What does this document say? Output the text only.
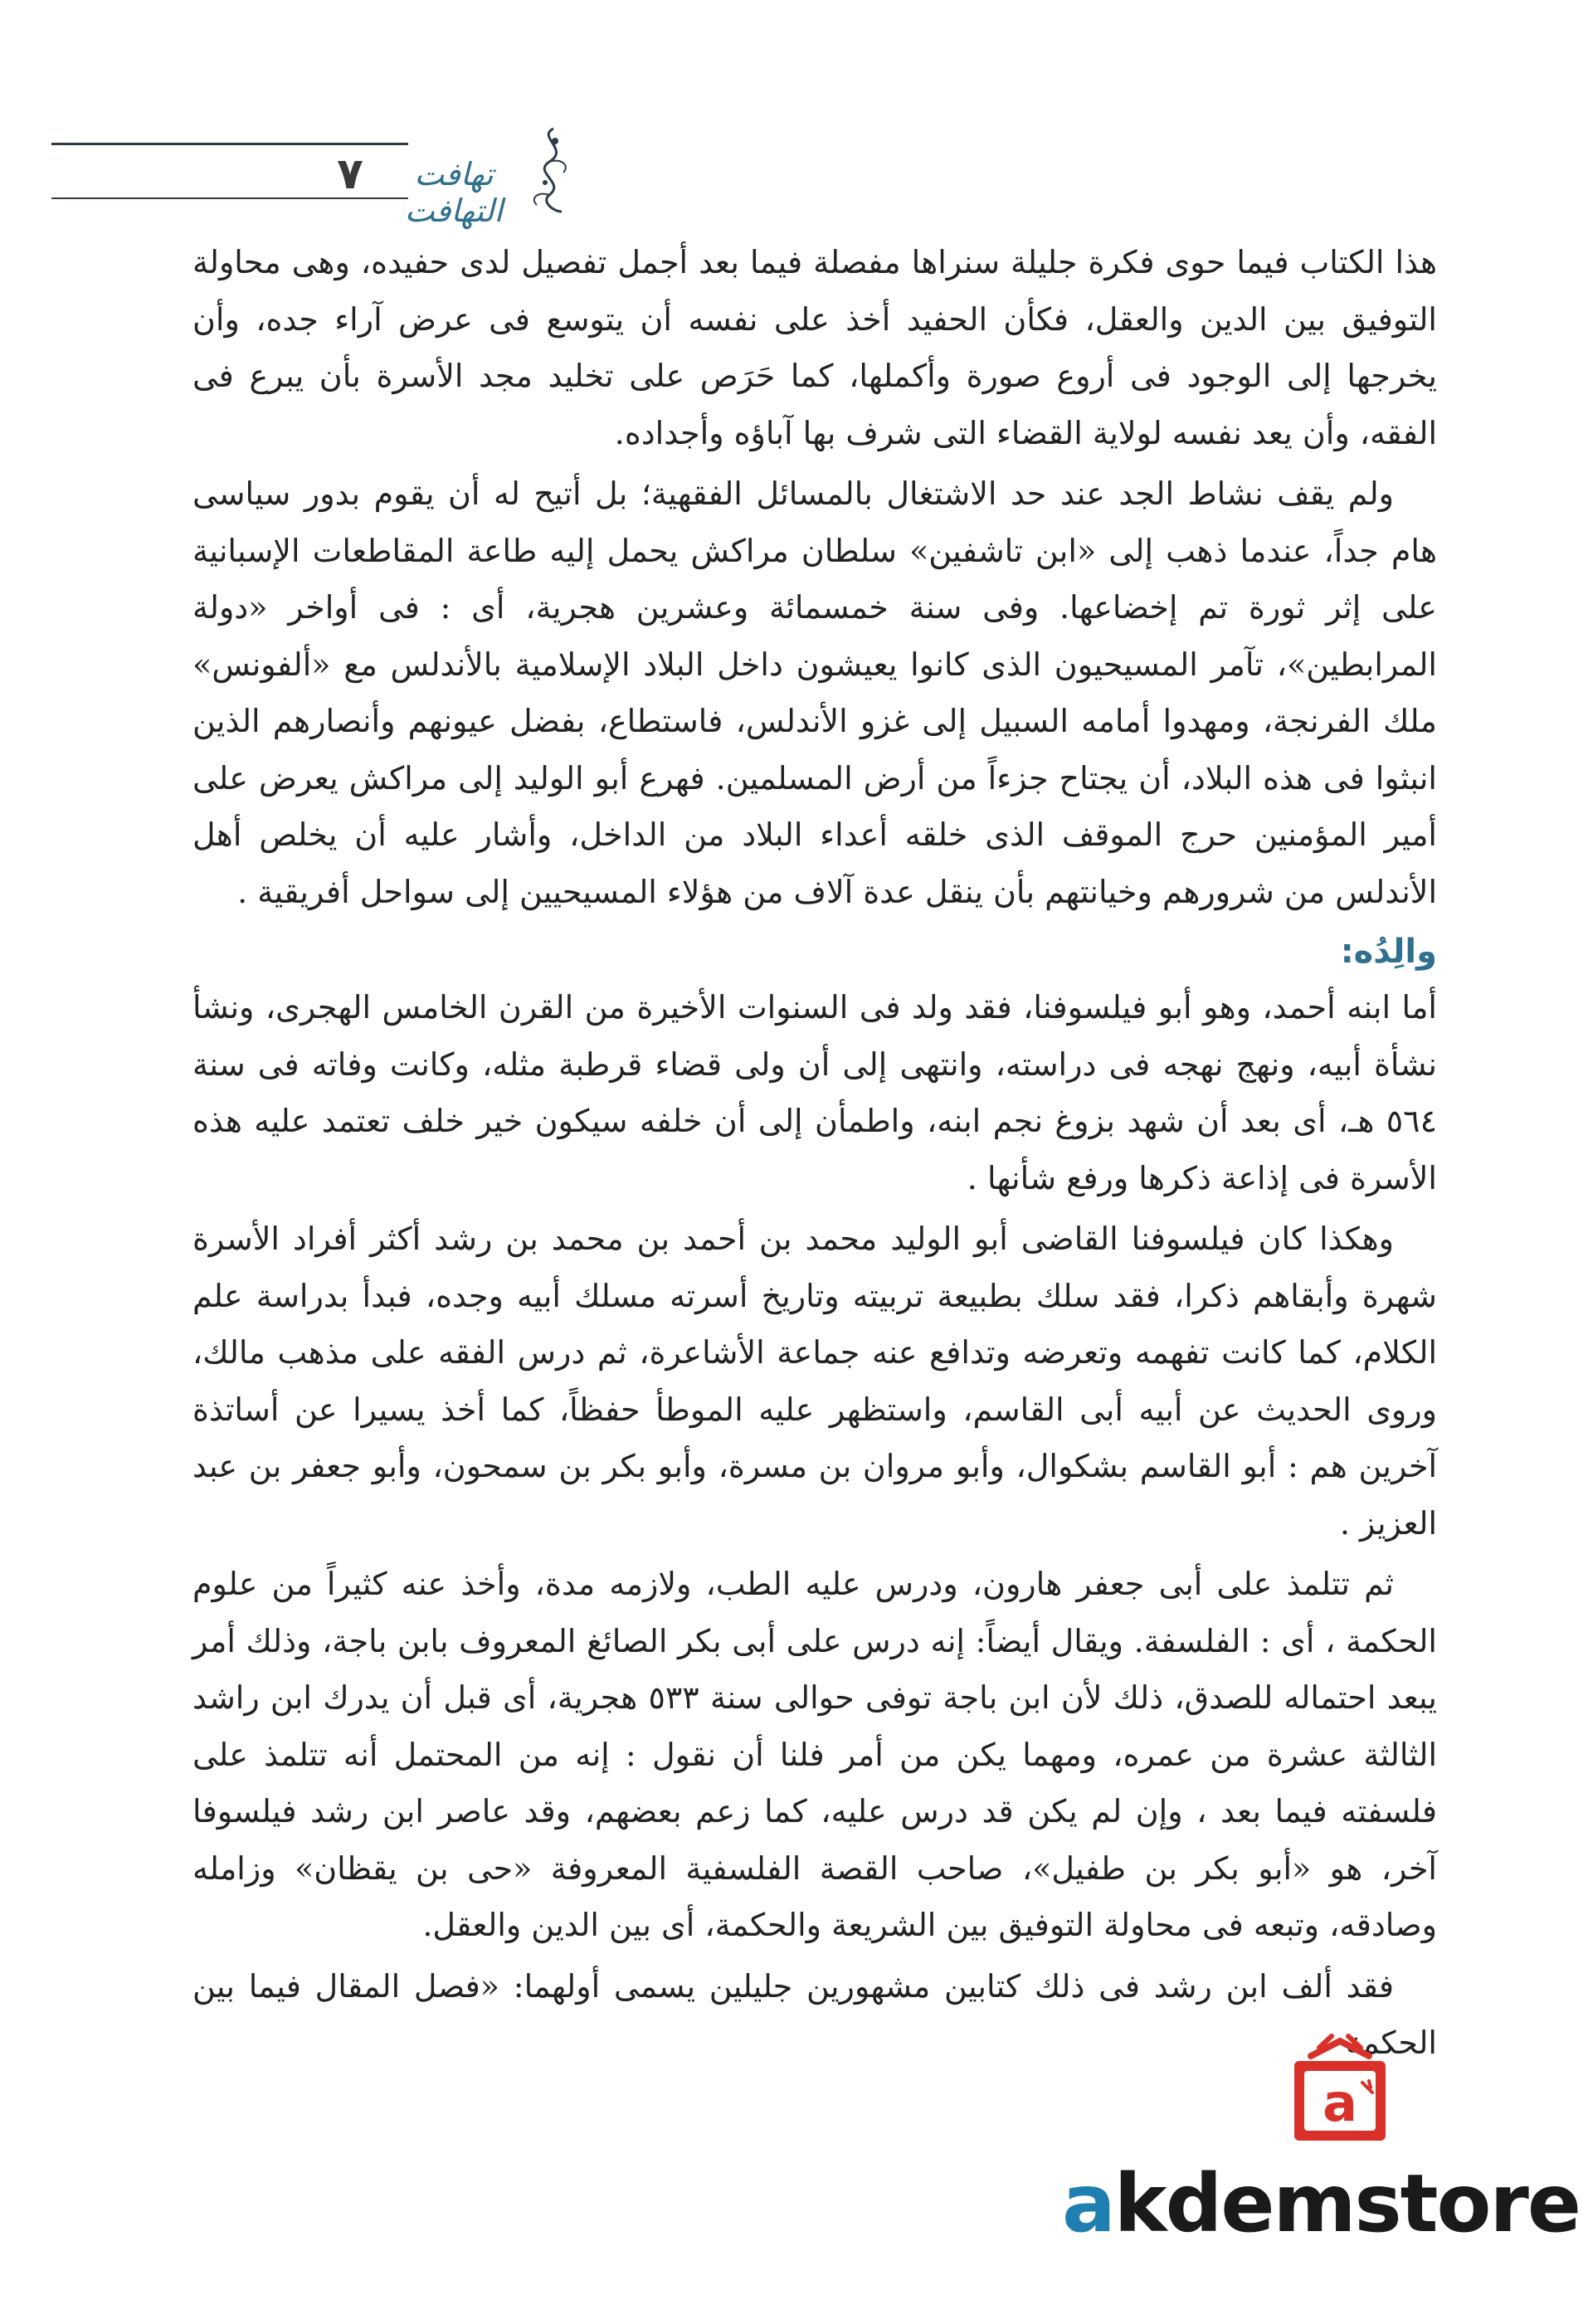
٧	تهافت التهافت

هذا الكتاب فيما حوى فكرة جليلة سنراها مفصلة فيما بعد أجمل تفصيل لدى حفيده، وهى محاولة التوفيق بين الدين والعقل، فكأن الحفيد أخذ على نفسه أن يتوسع فى عرض آراء جده، وأن يخرجها إلى الوجود فى أروع صورة وأكملها، كما حَرَص على تخليد مجد الأسرة بأن يبرع فى الفقه، وأن يعد نفسه لولاية القضاء التى شرف بها آباؤه وأجداده.

ولم يقف نشاط الجد عند حد الاشتغال بالمسائل الفقهية؛ بل أتيح له أن يقوم بدور سياسى هام جداً، عندما ذهب إلى «ابن تاشفين» سلطان مراكش يحمل إليه طاعة المقاطعات الإسبانية على إثر ثورة تم إخضاعها. وفى سنة خمسمائة وعشرين هجرية، أى : فى أواخر «دولة المرابطين»، تآمر المسيحيون الذى كانوا يعيشون داخل البلاد الإسلامية بالأندلس مع «ألفونس» ملك الفرنجة، ومهدوا أمامه السبيل إلى غزو الأندلس، فاستطاع، بفضل عيونهم وأنصارهم الذين انبثوا فى هذه البلاد، أن يجتاح جزءاً من أرض المسلمين. فهرع أبو الوليد إلى مراكش يعرض على أمير المؤمنين حرج الموقف الذى خلقه أعداء البلاد من الداخل، وأشار عليه أن يخلص أهل الأندلس من شرورهم وخيانتهم بأن ينقل عدة آلاف من هؤلاء المسيحيين إلى سواحل أفريقية .

والِدُه:

أما ابنه أحمد، وهو أبو فيلسوفنا، فقد ولد فى السنوات الأخيرة من القرن الخامس الهجرى، ونشأ نشأة أبيه، ونهج نهجه فى دراسته، وانتهى إلى أن ولى قضاء قرطبة مثله، وكانت وفاته فى سنة ٥٦٤ هـ، أى بعد أن شهد بزوغ نجم ابنه، واطمأن إلى أن خلفه سيكون خير خلف تعتمد عليه هذه الأسرة فى إذاعة ذكرها ورفع شأنها .

وهكذا كان فيلسوفنا القاضى أبو الوليد محمد بن أحمد بن محمد بن رشد أكثر أفراد الأسرة شهرة وأبقاهم ذكرا، فقد سلك بطبيعة تربيته وتاريخ أسرته مسلك أبيه وجده، فبدأ بدراسة علم الكلام، كما كانت تفهمه وتعرضه وتدافع عنه جماعة الأشاعرة، ثم درس الفقه على مذهب مالك، وروى الحديث عن أبيه أبى القاسم، واستظهر عليه الموطأ حفظاً، كما أخذ يسيرا عن أساتذة آخرين هم : أبو القاسم بشكوال، وأبو مروان بن مسرة، وأبو بكر بن سمحون، وأبو جعفر بن عبد العزيز .

ثم تتلمذ على أبى جعفر هارون، ودرس عليه الطب، ولازمه مدة، وأخذ عنه كثيراً من علوم الحكمة ، أى : الفلسفة. ويقال أيضاً: إنه درس على أبى بكر الصائغ المعروف بابن باجة، وذلك أمر يبعد احتماله للصدق، ذلك لأن ابن باجة توفى حوالى سنة ٥٣٣ هجرية، أى قبل أن يدرك ابن راشد الثالثة عشرة من عمره، ومهما يكن من أمر فلنا أن نقول : إنه من المحتمل أنه تتلمذ على فلسفته فيما بعد ، وإن لم يكن قد درس عليه، كما زعم بعضهم، وقد عاصر ابن رشد فيلسوفا آخر، هو «أبو بكر بن طفيل»، صاحب القصة الفلسفية المعروفة «حى بن يقظان» وزامله وصادقه، وتبعه فى محاولة التوفيق بين الشريعة والحكمة، أى بين الدين والعقل.

فقد ألف ابن رشد فى ذلك كتابين مشهورين جليلين يسمى أولهما: «فصل المقال فيما بين الحكمة

a
akdemstore
